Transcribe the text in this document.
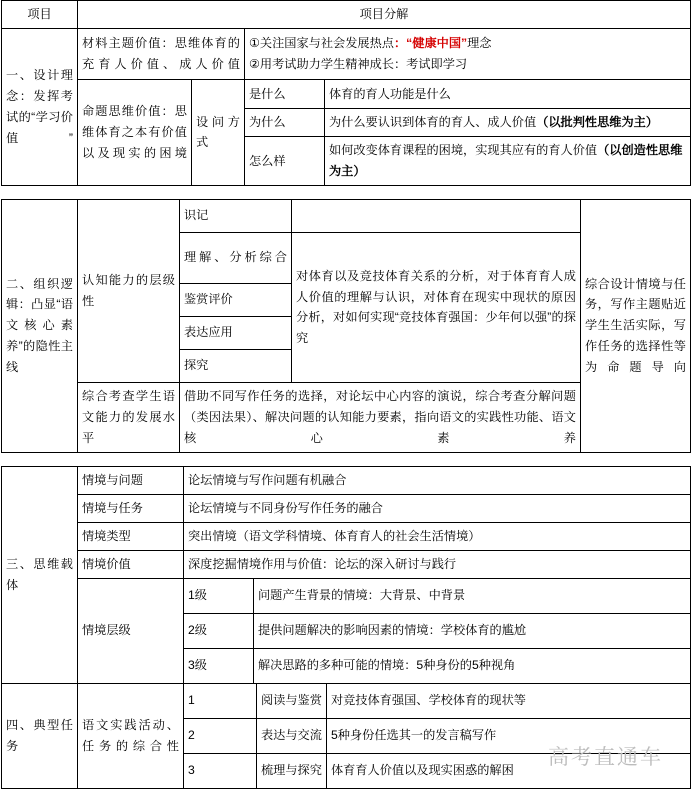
项目	项目分解			
一、设计理念：发挥考试的“学习价值”	材料主题价值：思维体育的充育人价值、成人价值		①关注国家与社会发展热点：“健康中国”理念
②用考试助力学生精神成长：考试即学习	

	命题思维价值：思维体育之本有价值以及现实的困境	设问方式	是什么	体育的育人功能是什么
			为什么	为什么要认识到体育的育人、成人价值（以批判性思维为主）
			怎么样	如何改变体育课程的困境，实现其应有的育人价值（以创造性思维为主）
二、组织逻辑：凸显“语文核心素养”的隐性主线	认知能力的层级性	识记		综合设计情境与任务，写作主题贴近学生生活实际，写作任务的选择性等为命题导向
		理解、分析综合	对体育以及竞技体育关系的分析，对于体育育人成人价值的理解与认识，对体育在现实中现状的原因分析，对如何实现“竞技体育强国：少年何以强”的探究	
		鉴赏评价		
		表达应用		
		探究		
	综合考查学生语文能力的发展水平	借助不同写作任务的选择，对论坛中心内容的演说，综合考查分解问题（类因法果）、解决问题的认知能力要素，指向语文的实践性功能、语文核心素养		
三、思维载体	情境与问题	论坛情境与写作问题有机融合	
	情境与任务	论坛情境与不同身份写作任务的融合	
	情境类型	突出情境（语文学科情境、体育育人的社会生活情境）	
	情境价值	深度挖掘情境作用与价值：论坛的深入研讨与践行	
	情境层级	1级	问题产生背景的情境：大背景、中背景
		2级	提供问题解决的影响因素的情境：学校体育的尴尬
		3级	解决思路的多种可能的情境：5种身份的5种视角
四、典型任务	语文实践活动、任务的综合性	1	阅读与鉴赏	对竞技体育强国、学校体育的现状等
		2	表达与交流	5种身份任选其一的发言稿写作
		3	梳理与探究	体育育人价值以及现实困惑的解困
高考直通车
